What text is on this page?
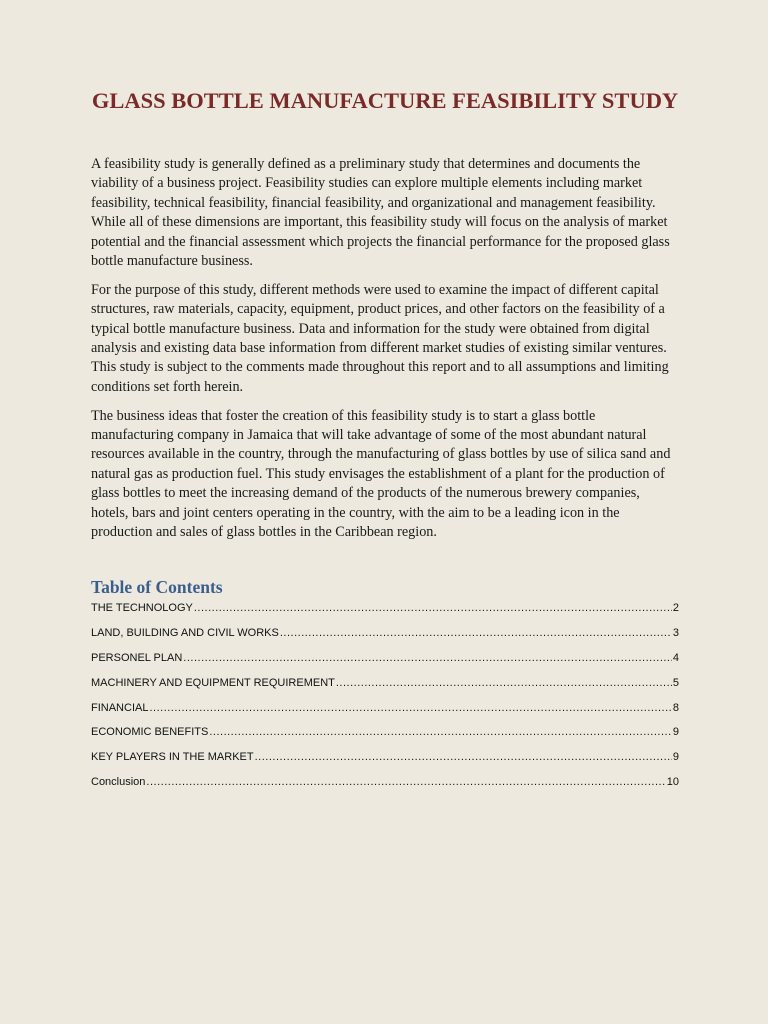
GLASS BOTTLE MANUFACTURE FEASIBILITY STUDY

A feasibility study is generally defined as a preliminary study that determines and documents the viability of a business project. Feasibility studies can explore multiple elements including market feasibility, technical feasibility, financial feasibility, and organizational and management feasibility. While all of these dimensions are important, this feasibility study will focus on the analysis of market potential and the financial assessment which projects the financial performance for the proposed glass bottle manufacture business.

For the purpose of this study, different methods were used to examine the impact of different capital structures, raw materials, capacity, equipment, product prices, and other factors on the feasibility of a typical bottle manufacture business. Data and information for the study were obtained from digital analysis and existing data base information from different market studies of existing similar ventures. This study is subject to the comments made throughout this report and to all assumptions and limiting conditions set forth herein.

The business ideas that foster the creation of this feasibility study is to start a glass bottle manufacturing company in Jamaica that will take advantage of some of the most abundant natural resources available in the country, through the manufacturing of glass bottles by use of silica sand and natural gas as production fuel. This study envisages the establishment of a plant for the production of glass bottles to meet the increasing demand of the products of the numerous brewery companies, hotels, bars and joint centers operating in the country, with the aim to be a leading icon in the production and sales of glass bottles in the Caribbean region.

Table of Contents
THE TECHNOLOGY .....	2
LAND, BUILDING AND CIVIL WORKS .....	3
PERSONEL PLAN .....	4
MACHINERY AND EQUIPMENT REQUIREMENT .....	5
FINANCIAL .....	8
ECONOMIC BENEFITS .....	9
KEY PLAYERS IN THE MARKET .....	9
Conclusion .....	10
